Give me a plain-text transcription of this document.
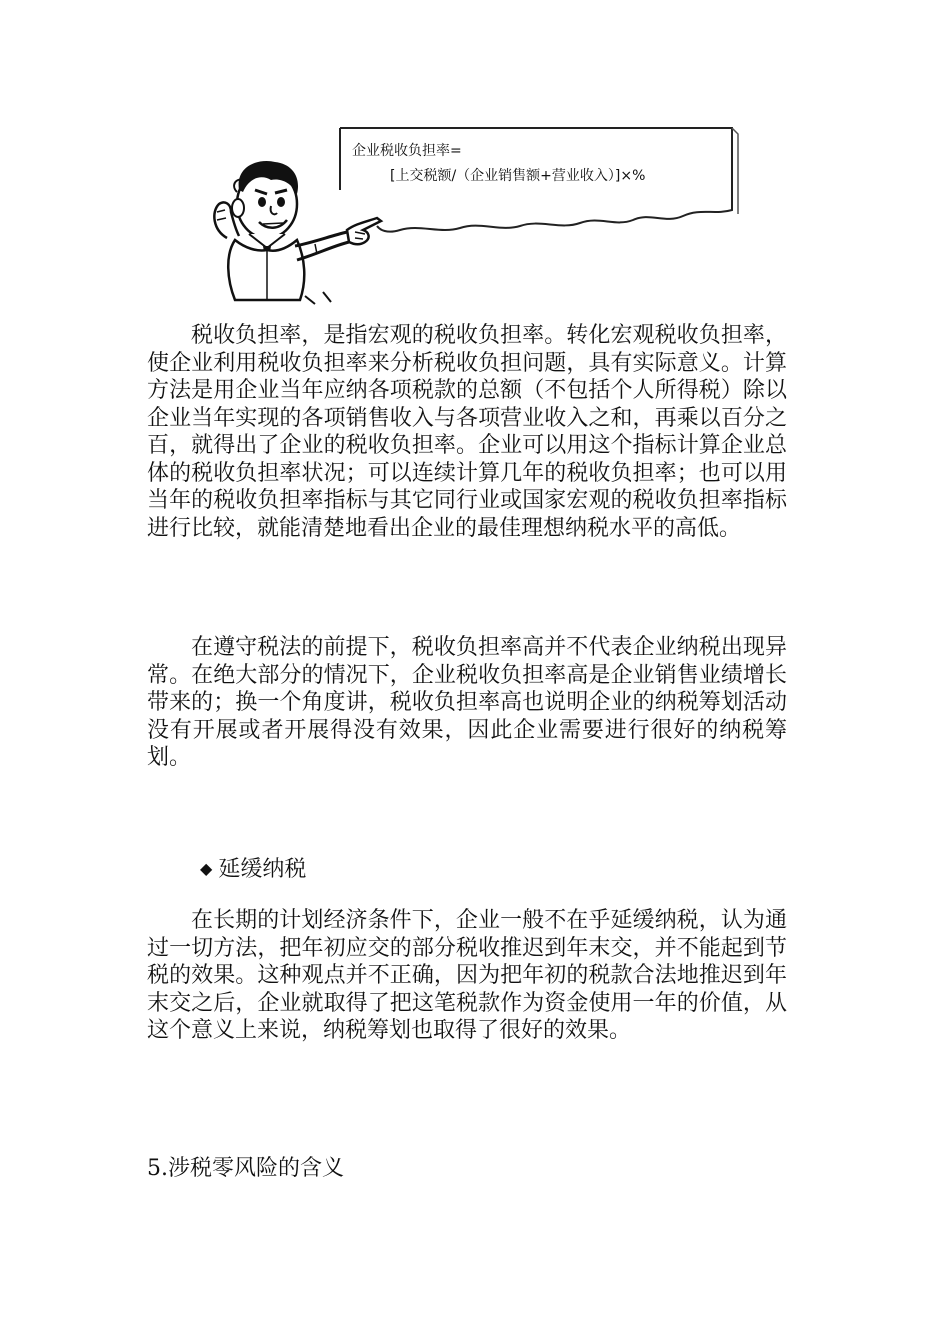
企业税收负担率=
[上交税额/（企业销售额+营业收入）]×%

税收负担率，是指宏观的税收负担率。转化宏观税收负担率，使企业利用税收负担率来分析税收负担问题，具有实际意义。计算方法是用企业当年应纳各项税款的总额（不包括个人所得税）除以企业当年实现的各项销售收入与各项营业收入之和，再乘以百分之百，就得出了企业的税收负担率。企业可以用这个指标计算企业总体的税收负担率状况；可以连续计算几年的税收负担率；也可以用当年的税收负担率指标与其它同行业或国家宏观的税收负担率指标进行比较，就能清楚地看出企业的最佳理想纳税水平的高低。

在遵守税法的前提下，税收负担率高并不代表企业纳税出现异常。在绝大部分的情况下，企业税收负担率高是企业销售业绩增长带来的；换一个角度讲，税收负担率高也说明企业的纳税筹划活动没有开展或者开展得没有效果，因此企业需要进行很好的纳税筹划。

◆ 延缓纳税

在长期的计划经济条件下，企业一般不在乎延缓纳税，认为通过一切方法，把年初应交的部分税收推迟到年末交，并不能起到节税的效果。这种观点并不正确，因为把年初的税款合法地推迟到年末交之后，企业就取得了把这笔税款作为资金使用一年的价值，从这个意义上来说，纳税筹划也取得了很好的效果。

5.涉税零风险的含义
